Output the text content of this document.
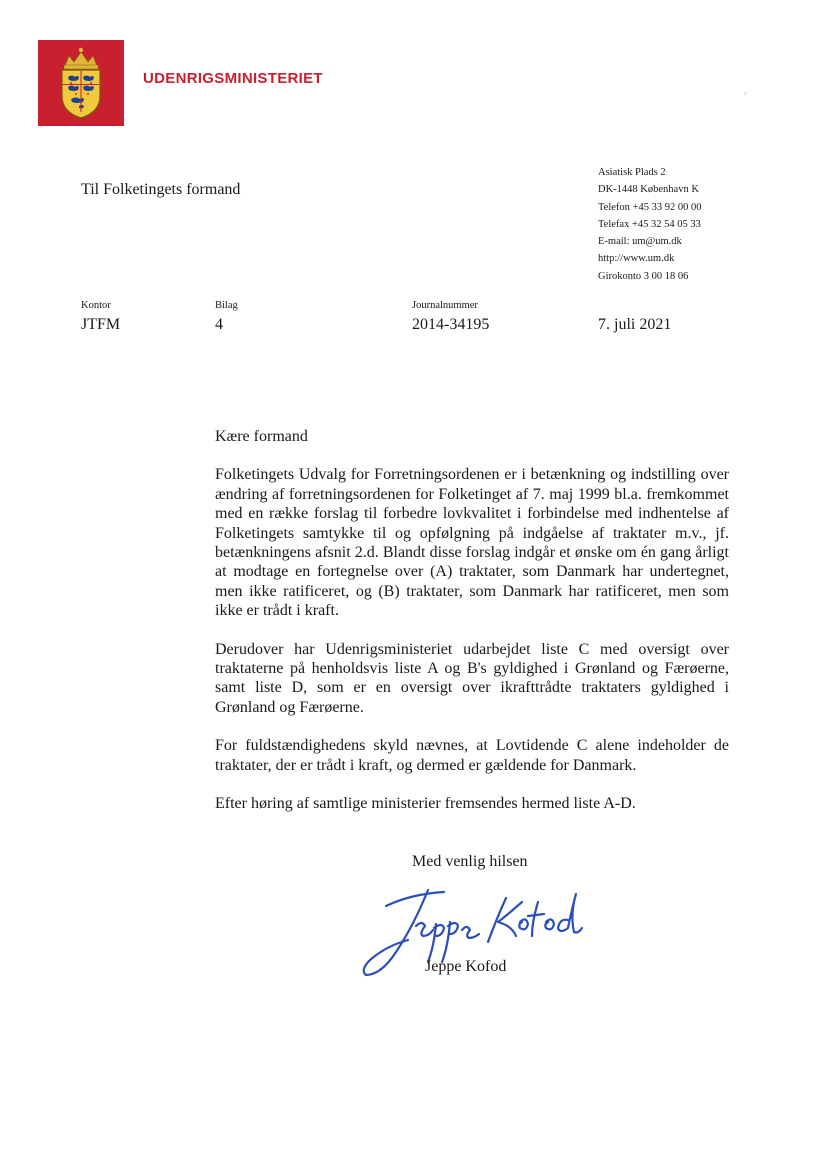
UDENRIGSMINISTERIET
Til Folketingets formand
Asiatisk Plads 2
DK-1448 København K
Telefon +45 33 92 00 00
Telefax +45 32 54 05 33
E-mail: um@um.dk
http://www.um.dk
Girokonto 3 00 18 06
Kontor
JTFM
Bilag
4
Journalnummer
2014-34195	7. juli 2021

Kære formand

Folketingets Udvalg for Forretningsordenen er i betænkning og indstilling over ændring af forretningsordenen for Folketinget af 7. maj 1999 bl.a. fremkommet med en række forslag til forbedre lovkvalitet i forbindelse med indhentelse af Folketingets samtykke til og opfølgning på indgåelse af traktater m.v., jf. betænkningens afsnit 2.d. Blandt disse forslag indgår et ønske om én gang årligt at modtage en fortegnelse over (A) traktater, som Danmark har undertegnet, men ikke ratificeret, og (B) traktater, som Danmark har ratificeret, men som ikke er trådt i kraft.

Derudover har Udenrigsministeriet udarbejdet liste C med oversigt over traktaterne på henholdsvis liste A og B's gyldighed i Grønland og Færøerne, samt liste D, som er en oversigt over ikrafttrådte traktaters gyldighed i Grønland og Færøerne.

For fuldstændighedens skyld nævnes, at Lovtidende C alene indeholder de traktater, der er trådt i kraft, og dermed er gældende for Danmark.

Efter høring af samtlige ministerier fremsendes hermed liste A-D.

Med venlig hilsen
Jeppe Kofod
